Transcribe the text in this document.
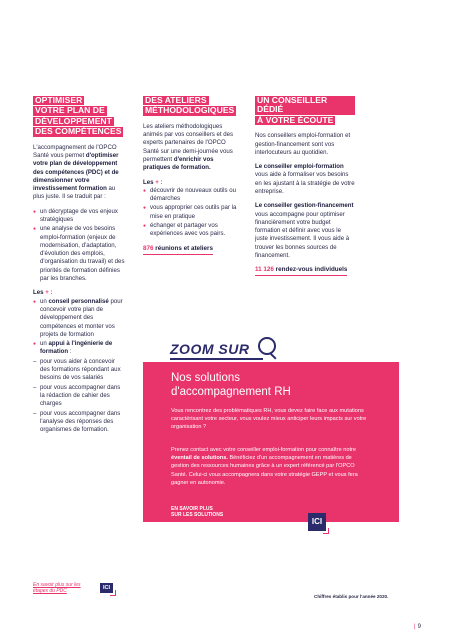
OPTIMISER
VOTRE PLAN DE
DÉVELOPPEMENT
DES COMPÉTENCES

L'accompagnement de l'OPCO Santé vous permet d'optimiser votre plan de développement des compétences (PDC) et de dimensionner votre investissement formation au plus juste. Il se traduit par :

● un décryptage de vos enjeux stratégiques
● une analyse de vos besoins emploi-formation (enjeux de modernisation, d'adaptation, d'évolution des emplois, d'organisation du travail) et des priorités de formation définies par les branches.
Les + :
● un conseil personnalisé pour concevoir votre plan de développement des compétences et monter vos projets de formation
● un appui à l'ingénierie de formation :
– pour vous aider à concevoir des formations répondant aux besoins de vos salariés
– pour vous accompagner dans la rédaction de cahier des charges
– pour vous accompagner dans l'analyse des réponses des organismes de formation.
En savoir plus sur les étapes du PDC	ICI
DES ATELIERS
MÉTHODOLOGIQUES

Les ateliers méthodologiques animés par vos conseillers et des experts partenaires de l'OPCO Santé sur une demi-journée vous permettent d'enrichir vos pratiques de formation.

Les + :
● découvrir de nouveaux outils ou démarches
● vous approprier ces outils par la mise en pratique
● échanger et partager vos expériences avec vos pairs.
876 réunions et ateliers
UN CONSEILLER DÉDIÉ
À VOTRE ÉCOUTE

Nos conseillers emploi-formation et gestion-financement sont vos interlocuteurs au quotidien.

Le conseiller emploi-formation vous aide à formaliser vos besoins en les ajustant à la stratégie de votre entreprise.

Le conseiller gestion-financement vous accompagne pour optimiser financièrement votre budget formation et définir avec vous le juste investissement. Il vous aide à trouver les bonnes sources de financement.

11 126 rendez-vous individuels
ZOOM SUR
Nos solutions d'accompagnement RH

Vous rencontrez des problématiques RH, vous devez faire face aux mutations caractérisant votre secteur, vous voulez mieux anticiper leurs impacts sur votre organisation ?

Prenez contact avec votre conseiller emploi-formation pour connaître notre éventail de solutions. Bénéficiez d'un accompagnement en matières de gestion des ressources humaines grâce à un expert référencé par l'OPCO Santé. Celui-ci vous accompagnera dans votre stratégie GEPP et vous fera gagner en autonomie.

EN SAVOIR PLUS
SUR LES SOLUTIONS
ICI
Chiffres établis pour l'année 2020.
| 9
